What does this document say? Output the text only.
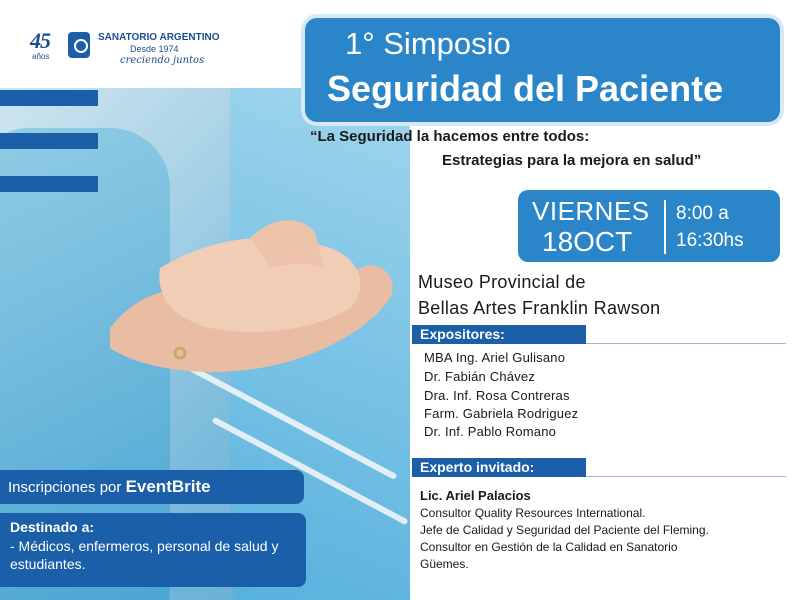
45
años
SANATORIO ARGENTINO
Desde 1974
creciendo juntos	1° Simposio
Seguridad del Paciente
“La Seguridad la hacemos entre todos:
Estrategias para la mejora en salud”
VIERNES
18OCT
8:00 a
16:30hs
Museo Provincial de
Bellas Artes Franklin Rawson
Expositores:
MBA Ing. Ariel Gulisano
Dr. Fabián Chávez
Dra. Inf. Rosa Contreras
Farm. Gabriela Rodriguez
Dr. Inf. Pablo Romano
Experto invitado:
Lic. Ariel Palacios
Consultor Quality Resources International.
Jefe de Calidad y Seguridad del Paciente del Fleming.
Consultor en Gestión de la Calidad en Sanatorio
Güemes.
Inscripciones por EventBrite
Destinado a:
- Médicos, enfermeros, personal de salud y estudiantes.
